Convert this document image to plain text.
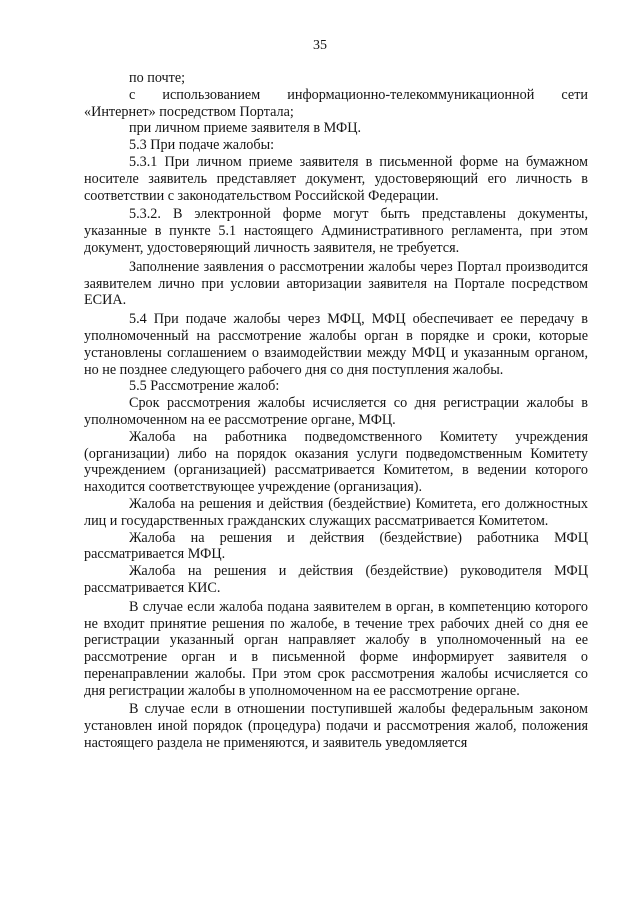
35

по почте;

с использованием информационно-телекоммуникационной сети «Интернет» посредством Портала;

при личном приеме заявителя в МФЦ.

5.3 При подаче жалобы:

5.3.1 При личном приеме заявителя в письменной форме на бумажном носителе заявитель представляет документ, удостоверяющий его личность в соответствии с законодательством Российской Федерации.

5.3.2. В электронной форме могут быть представлены документы, указанные в пункте 5.1 настоящего Административного регламента, при этом документ, удостоверяющий личность заявителя, не требуется.

Заполнение заявления о рассмотрении жалобы через Портал производится заявителем лично при условии авторизации заявителя на Портале посредством ЕСИА.

5.4 При подаче жалобы через МФЦ, МФЦ обеспечивает ее передачу в уполномоченный на рассмотрение жалобы орган в порядке и сроки, которые установлены соглашением о взаимодействии между МФЦ и указанным органом, но не позднее следующего рабочего дня со дня поступления жалобы.

5.5 Рассмотрение жалоб:

Срок рассмотрения жалобы исчисляется со дня регистрации жалобы в уполномоченном на ее рассмотрение органе, МФЦ.

Жалоба на работника подведомственного Комитету учреждения (организации) либо на порядок оказания услуги подведомственным Комитету учреждением (организацией) рассматривается Комитетом, в ведении которого находится соответствующее учреждение (организация).

Жалоба на решения и действия (бездействие) Комитета, его должностных лиц и государственных гражданских служащих рассматривается Комитетом.

Жалоба на решения и действия (бездействие) работника МФЦ рассматривается МФЦ.

Жалоба на решения и действия (бездействие) руководителя МФЦ рассматривается КИС.

В случае если жалоба подана заявителем в орган, в компетенцию которого не входит принятие решения по жалобе, в течение трех рабочих дней со дня ее регистрации указанный орган направляет жалобу в уполномоченный на ее рассмотрение орган и в письменной форме информирует заявителя о перенаправлении жалобы. При этом срок рассмотрения жалобы исчисляется со дня регистрации жалобы в уполномоченном на ее рассмотрение органе.

В случае если в отношении поступившей жалобы федеральным законом установлен иной порядок (процедура) подачи и рассмотрения жалоб, положения настоящего раздела не применяются, и заявитель уведомляется
